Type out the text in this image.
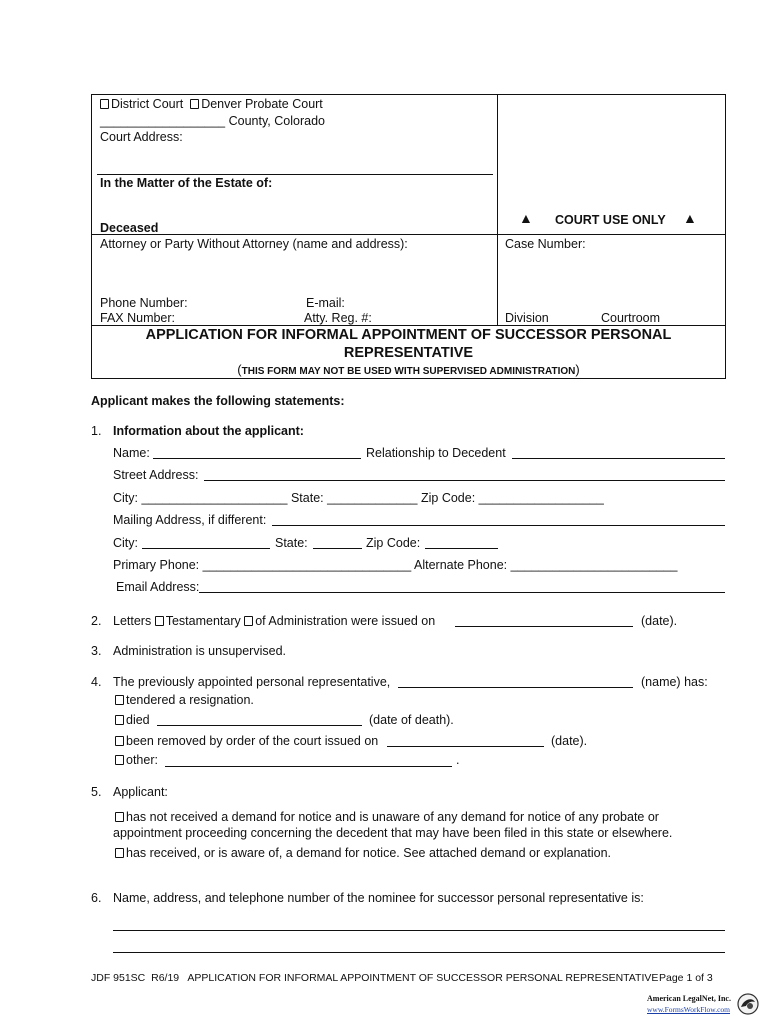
District Court Denver Probate Court
__________________ County, Colorado
Court Address:
In the Matter of the Estate of:
Deceased
Attorney or Party Without Attorney (name and address):
Phone Number:	E-mail:
FAX Number:	Atty. Reg. #:
▲ COURT USE ONLY ▲
Case Number:
Division	Courtroom
APPLICATION FOR INFORMAL APPOINTMENT OF SUCCESSOR PERSONAL
REPRESENTATIVE
(THIS FORM MAY NOT BE USED WITH SUPERVISED ADMINISTRATION)
Applicant makes the following statements:
1. Information about the applicant:
Name:	Relationship to Decedent
Street Address:
City: _____________________ State: _____________ Zip Code: __________________
Mailing Address, if different:
City:	State:	Zip Code:
Primary Phone: ______________________________ Alternate Phone: ________________________
Email Address:
2. Letters Testamentary of Administration were issued on	(date).
3. Administration is unsupervised.
4. The previously appointed personal representative,	(name) has:
tendered a resignation.
died	(date of death).
been removed by order of the court issued on	(date).
other:	.
5. Applicant:
has not received a demand for notice and is unaware of any demand for notice of any probate or
appointment proceeding concerning the decedent that may have been filed in this state or elsewhere.
has received, or is aware of, a demand for notice. See attached demand or explanation.
6. Name, address, and telephone number of the nominee for successor personal representative is:
JDF 951SC R6/19 APPLICATION FOR INFORMAL APPOINTMENT OF SUCCESSOR PERSONAL REPRESENTATIVE Page 1 of 3
American LegalNet, Inc.
www.FormsWorkFlow.com
